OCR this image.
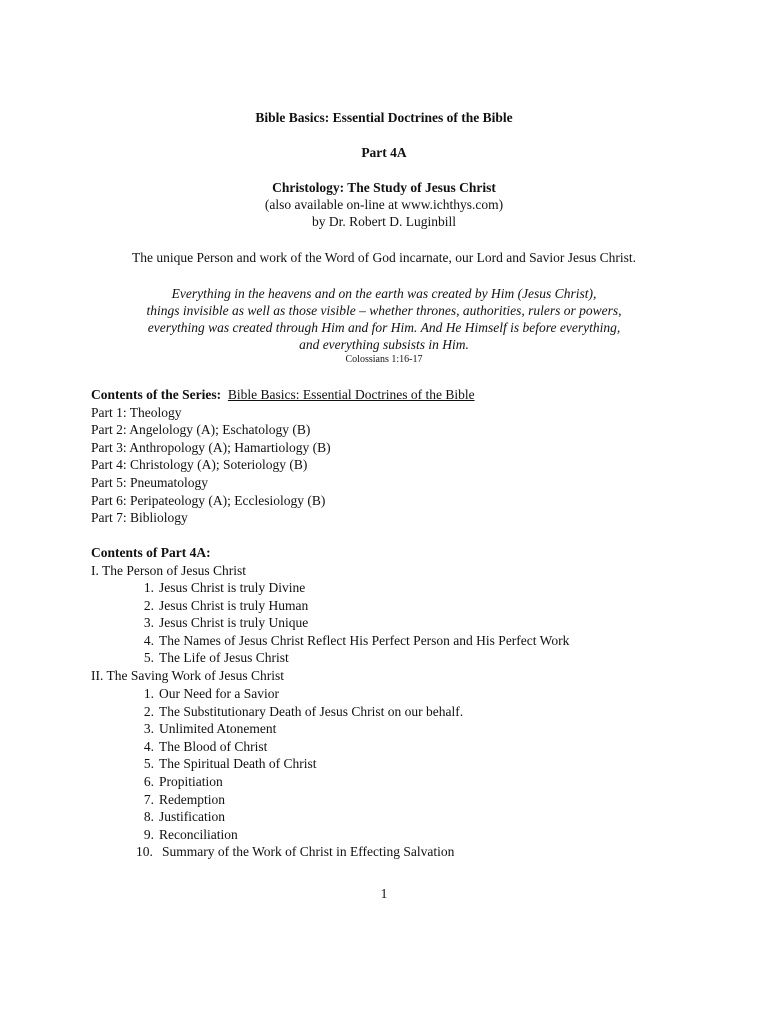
Bible Basics: Essential Doctrines of the Bible
Part 4A
Christology: The Study of Jesus Christ
(also available on-line at www.ichthys.com)
by Dr. Robert D. Luginbill
The unique Person and work of the Word of God incarnate, our Lord and Savior Jesus Christ.
Everything in the heavens and on the earth was created by Him (Jesus Christ),
things invisible as well as those visible – whether thrones, authorities, rulers or powers,
everything was created through Him and for Him. And He Himself is before everything,
and everything subsists in Him.
Colossians 1:16-17
Contents of the Series: Bible Basics: Essential Doctrines of the Bible
Part 1: Theology
Part 2: Angelology (A); Eschatology (B)
Part 3: Anthropology (A); Hamartiology (B)
Part 4: Christology (A); Soteriology (B)
Part 5: Pneumatology
Part 6: Peripateology (A); Ecclesiology (B)
Part 7: Bibliology
Contents of Part 4A:
I. The Person of Jesus Christ
1. Jesus Christ is truly Divine
2. Jesus Christ is truly Human
3. Jesus Christ is truly Unique
4. The Names of Jesus Christ Reflect His Perfect Person and His Perfect Work
5. The Life of Jesus Christ
II. The Saving Work of Jesus Christ
1. Our Need for a Savior
2. The Substitutionary Death of Jesus Christ on our behalf.
3. Unlimited Atonement
4. The Blood of Christ
5. The Spiritual Death of Christ
6. Propitiation
7. Redemption
8. Justification
9. Reconciliation
10. Summary of the Work of Christ in Effecting Salvation
1
